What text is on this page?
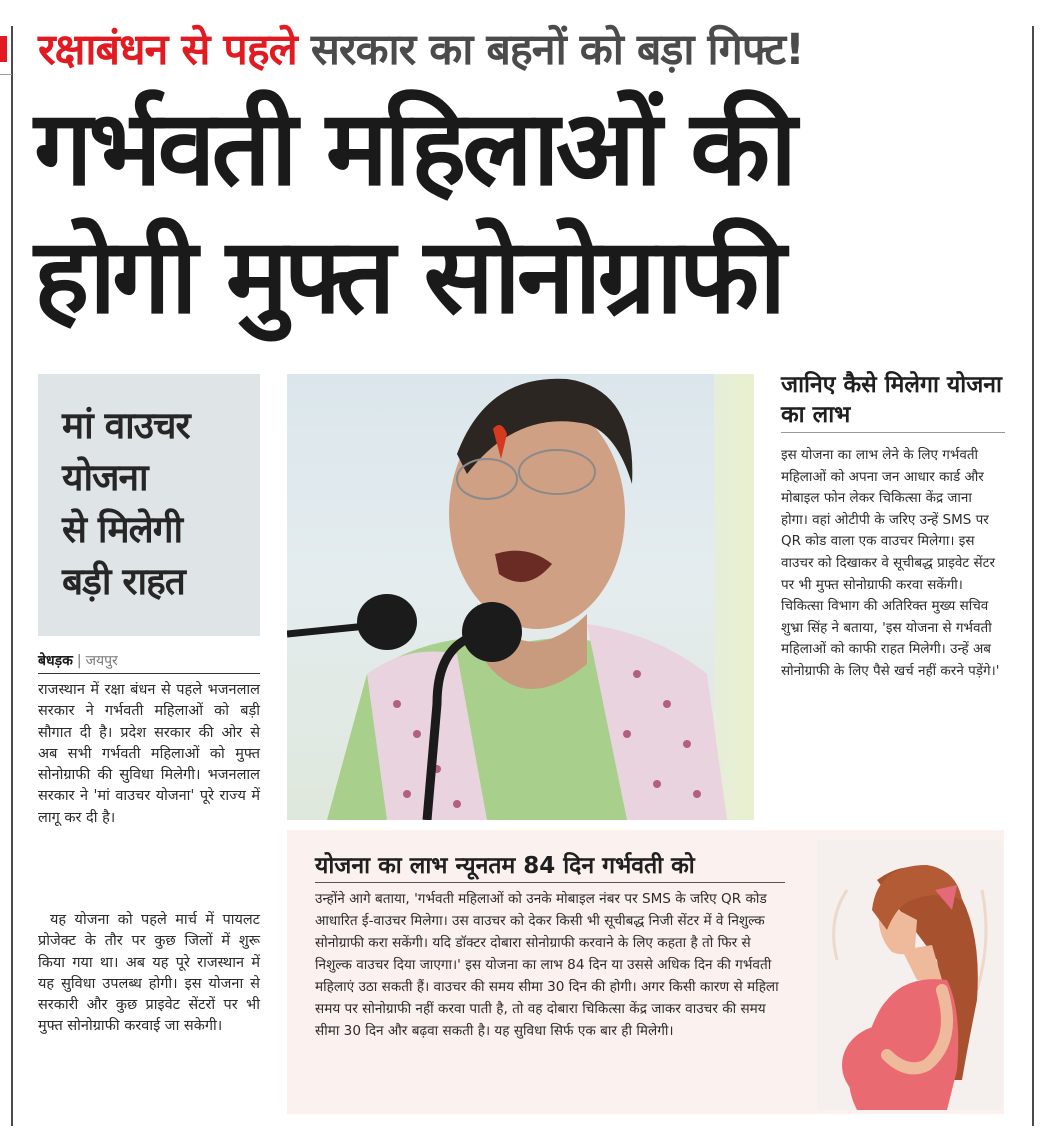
रक्षाबंधन से पहले सरकार का बहनों को बड़ा गिफ्ट!
गर्भवती महिलाओं की
होगी मुफ्त सोनोग्राफी
मां वाउचर
योजना
से मिलेगी
बड़ी राहत
बेधड़क | जयपुर
राजस्थान में रक्षा बंधन से पहले भजनलाल सरकार ने गर्भवती महिलाओं को बड़ी सौगात दी है। प्रदेश सरकार की ओर से अब सभी गर्भवती महिलाओं को मुफ्त सोनोग्राफी की सुविधा मिलेगी। भजनलाल सरकार ने 'मां वाउचर योजना' पूरे राज्य में लागू कर दी है।
यह योजना को पहले मार्च में पायलट प्रोजेक्ट के तौर पर कुछ जिलों में शुरू किया गया था। अब यह पूरे राजस्थान में यह सुविधा उपलब्ध होगी। इस योजना से सरकारी और कुछ प्राइवेट सेंटरों पर भी मुफ्त सोनोग्राफी करवाई जा सकेगी।
जानिए कैसे मिलेगा योजना का लाभ
इस योजना का लाभ लेने के लिए गर्भवती महिलाओं को अपना जन आधार कार्ड और मोबाइल फोन लेकर चिकित्सा केंद्र जाना होगा। वहां ओटीपी के जरिए उन्हें SMS पर QR कोड वाला एक वाउचर मिलेगा। इस वाउचर को दिखाकर वे सूचीबद्ध प्राइवेट सेंटर पर भी मुफ्त सोनोग्राफी करवा सकेंगी। चिकित्सा विभाग की अतिरिक्त मुख्य सचिव शुभ्रा सिंह ने बताया, 'इस योजना से गर्भवती महिलाओं को काफी राहत मिलेगी। उन्हें अब सोनोग्राफी के लिए पैसे खर्च नहीं करने पड़ेंगे।'
योजना का लाभ न्यूनतम 84 दिन गर्भवती को
उन्होंने आगे बताया, 'गर्भवती महिलाओं को उनके मोबाइल नंबर पर SMS के जरिए QR कोड आधारित ई-वाउचर मिलेगा। उस वाउचर को देकर किसी भी सूचीबद्ध निजी सेंटर में वे निशुल्क सोनोग्राफी करा सकेंगी। यदि डॉक्टर दोबारा सोनोग्राफी करवाने के लिए कहता है तो फिर से निशुल्क वाउचर दिया जाएगा।' इस योजना का लाभ 84 दिन या उससे अधिक दिन की गर्भवती महिलाएं उठा सकती हैं। वाउचर की समय सीमा 30 दिन की होगी। अगर किसी कारण से महिला समय पर सोनोग्राफी नहीं करवा पाती है, तो वह दोबारा चिकित्सा केंद्र जाकर वाउचर की समय सीमा 30 दिन और बढ़वा सकती है। यह सुविधा सिर्फ एक बार ही मिलेगी।
